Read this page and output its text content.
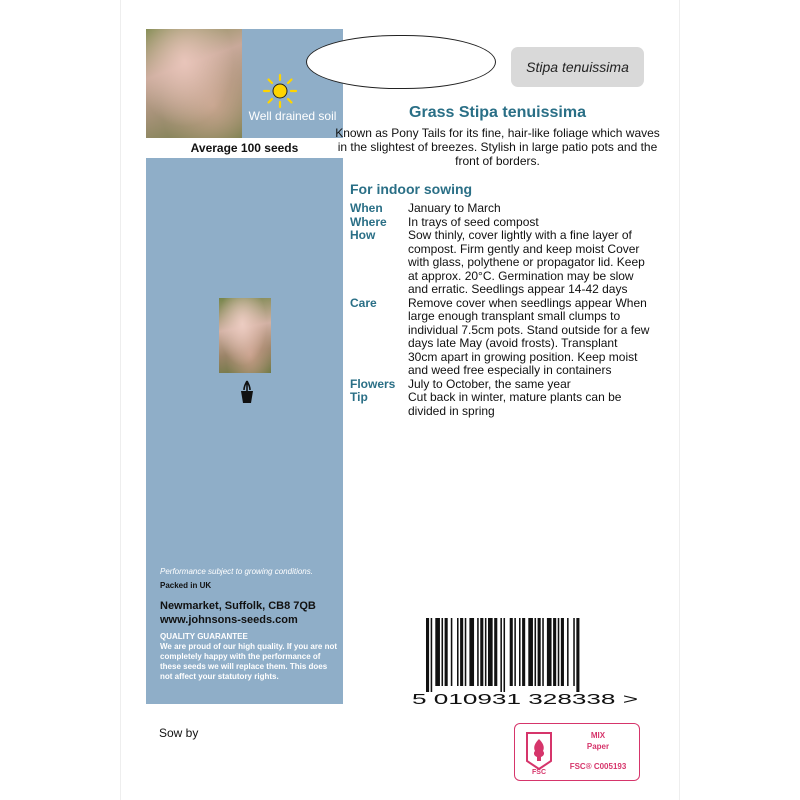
Well drained soil
Average 100 seeds
Performance subject to growing conditions.
Packed in UK
Newmarket, Suffolk, CB8 7QB
www.johnsons-seeds.com
QUALITY GUARANTEE
We are proud of our high quality. If you are not completely happy with the performance of these seeds we will replace them. This does not affect your statutory rights.
Stipa tenuissima
Grass Stipa tenuissima
Known as Pony Tails for its fine, hair-like foliage which waves in the slightest of breezes. Stylish in large patio pots and the front of borders.
For indoor sowing
When	January to March
Where	In trays of seed compost
How	Sow thinly, cover lightly with a fine layer of compost. Firm gently and keep moist Cover with glass, polythene or propagator lid. Keep at approx. 20°C. Germination may be slow and erratic. Seedlings appear 14-42 days
Care	Remove cover when seedlings appear When large enough transplant small clumps to individual 7.5cm pots. Stand outside for a few days late May (avoid frosts). Transplant 30cm apart in growing position. Keep moist and weed free especially in containers
Flowers	July to October, the same year
Tip	Cut back in winter, mature plants can be divided in spring
5 010931 328338 >
Sow by
FSC
MIX
Paper
FSC® C005193
